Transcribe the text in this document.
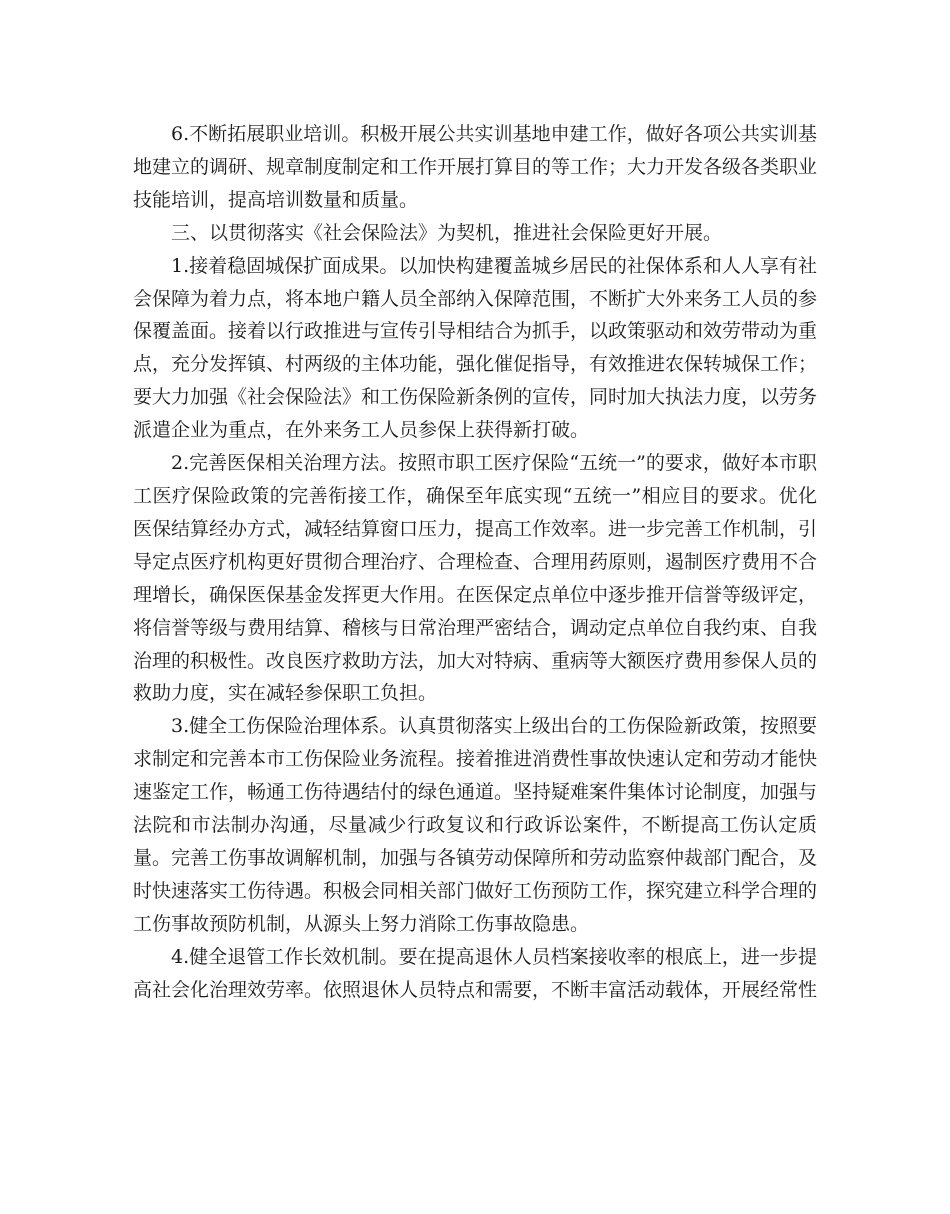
6.不断拓展职业培训。积极开展公共实训基地申建工作，做好各项公共实训基地建立的调研、规章制度制定和工作开展打算目的等工作；大力开发各级各类职业技能培训，提高培训数量和质量。

三、以贯彻落实《社会保险法》为契机，推进社会保险更好开展。

1.接着稳固城保扩面成果。以加快构建覆盖城乡居民的社保体系和人人享有社会保障为着力点，将本地户籍人员全部纳入保障范围，不断扩大外来务工人员的参保覆盖面。接着以行政推进与宣传引导相结合为抓手，以政策驱动和效劳带动为重点，充分发挥镇、村两级的主体功能，强化催促指导，有效推进农保转城保工作；要大力加强《社会保险法》和工伤保险新条例的宣传，同时加大执法力度，以劳务派遣企业为重点，在外来务工人员参保上获得新打破。

2.完善医保相关治理方法。按照市职工医疗保险“五统一”的要求，做好本市职工医疗保险政策的完善衔接工作，确保至年底实现“五统一”相应目的要求。优化医保结算经办方式，减轻结算窗口压力，提高工作效率。进一步完善工作机制，引导定点医疗机构更好贯彻合理治疗、合理检查、合理用药原则，遏制医疗费用不合理增长，确保医保基金发挥更大作用。在医保定点单位中逐步推开信誉等级评定，将信誉等级与费用结算、稽核与日常治理严密结合，调动定点单位自我约束、自我治理的积极性。改良医疗救助方法，加大对特病、重病等大额医疗费用参保人员的救助力度，实在减轻参保职工负担。

3.健全工伤保险治理体系。认真贯彻落实上级出台的工伤保险新政策，按照要求制定和完善本市工伤保险业务流程。接着推进消费性事故快速认定和劳动才能快速鉴定工作，畅通工伤待遇结付的绿色通道。坚持疑难案件集体讨论制度，加强与法院和市法制办沟通，尽量减少行政复议和行政诉讼案件，不断提高工伤认定质量。完善工伤事故调解机制，加强与各镇劳动保障所和劳动监察仲裁部门配合，及时快速落实工伤待遇。积极会同相关部门做好工伤预防工作，探究建立科学合理的工伤事故预防机制，从源头上努力消除工伤事故隐患。

4.健全退管工作长效机制。要在提高退休人员档案接收率的根底上，进一步提高社会化治理效劳率。依照退休人员特点和需要，不断丰富活动载体，开展经常性
